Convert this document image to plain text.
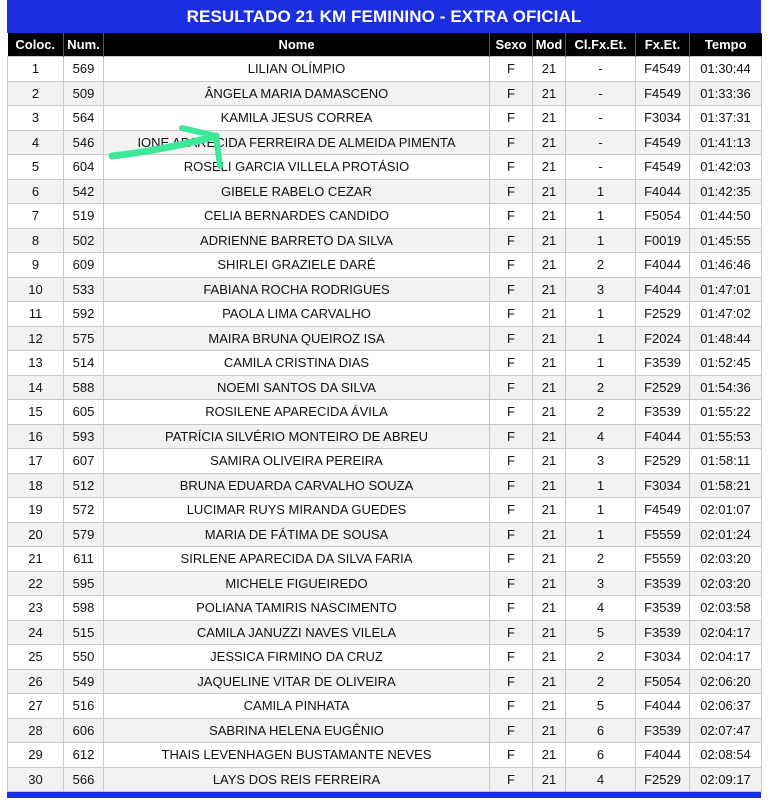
RESULTADO 21 KM FEMININO - EXTRA OFICIAL
Coloc.	Num.	Nome	Sexo	Mod	Cl.Fx.Et.	Fx.Et.	Tempo
1	569	LILIAN OLÍMPIO	F	21	-	F4549	01:30:44
2	509	ÂNGELA MARIA DAMASCENO	F	21	-	F4549	01:33:36
3	564	KAMILA JESUS CORREA	F	21	-	F3034	01:37:31
4	546	IONE APARECIDA FERREIRA DE ALMEIDA PIMENTA	F	21	-	F4549	01:41:13
5	604	ROSELI GARCIA VILLELA PROTÁSIO	F	21	-	F4549	01:42:03
6	542	GIBELE RABELO CEZAR	F	21	1	F4044	01:42:35
7	519	CELIA BERNARDES CANDIDO	F	21	1	F5054	01:44:50
8	502	ADRIENNE BARRETO DA SILVA	F	21	1	F0019	01:45:55
9	609	SHIRLEI GRAZIELE DARÉ	F	21	2	F4044	01:46:46
10	533	FABIANA ROCHA RODRIGUES	F	21	3	F4044	01:47:01
11	592	PAOLA LIMA CARVALHO	F	21	1	F2529	01:47:02
12	575	MAIRA BRUNA QUEIROZ ISA	F	21	1	F2024	01:48:44
13	514	CAMILA CRISTINA DIAS	F	21	1	F3539	01:52:45
14	588	NOEMI SANTOS DA SILVA	F	21	2	F2529	01:54:36
15	605	ROSILENE APARECIDA ÁVILA	F	21	2	F3539	01:55:22
16	593	PATRÍCIA SILVÉRIO MONTEIRO DE ABREU	F	21	4	F4044	01:55:53
17	607	SAMIRA OLIVEIRA PEREIRA	F	21	3	F2529	01:58:11
18	512	BRUNA EDUARDA CARVALHO SOUZA	F	21	1	F3034	01:58:21
19	572	LUCIMAR RUYS MIRANDA GUEDES	F	21	1	F4549	02:01:07
20	579	MARIA DE FÁTIMA DE SOUSA	F	21	1	F5559	02:01:24
21	611	SIRLENE APARECIDA DA SILVA FARIA	F	21	2	F5559	02:03:20
22	595	MICHELE FIGUEIREDO	F	21	3	F3539	02:03:20
23	598	POLIANA TAMIRIS NASCIMENTO	F	21	4	F3539	02:03:58
24	515	CAMILA JANUZZI NAVES VILELA	F	21	5	F3539	02:04:17
25	550	JESSICA FIRMINO DA CRUZ	F	21	2	F3034	02:04:17
26	549	JAQUELINE VITAR DE OLIVEIRA	F	21	2	F5054	02:06:20
27	516	CAMILA PINHATA	F	21	5	F4044	02:06:37
28	606	SABRINA HELENA EUGÊNIO	F	21	6	F3539	02:07:47
29	612	THAIS LEVENHAGEN BUSTAMANTE NEVES	F	21	6	F4044	02:08:54
30	566	LAYS DOS REIS FERREIRA	F	21	4	F2529	02:09:17
